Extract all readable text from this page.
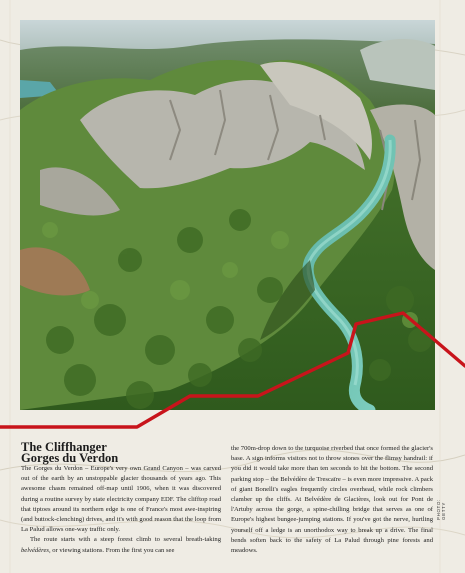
The Cliffhanger
Gorges du Verdon

The Gorges du Verdon – Europe's very own Grand Canyon – was carved out of the earth by an unstoppable glacier thousands of years ago. This awesome chasm remained off-map until 1906, when it was discovered during a routine survey by state electricity company EDF. The clifftop road that tiptoes around its northern edge is one of France's most awe-inspiring (and buttock-clenching) drives, and it's with good reason that the loop from La Palud allows one-way traffic only.

The route starts with a steep forest climb to several breath-taking belvédères, or viewing stations. From the first you can see

the 700m-drop down to the turquoise riverbed that once formed the glacier's base. A sign informs visitors not to throw stones over the flimsy handrail: if you did it would take more than ten seconds to hit the bottom. The second parking stop – the Belvédère de Trescaïre – is even more impressive. A pack of giant Bonelli's eagles frequently circles overhead, while rock climbers clamber up the cliffs. At Belvédère de Glacières, look out for Pont de l'Artuby across the gorge, a spine-chilling bridge that serves as one of Europe's highest bungee-jumping stations. If you've got the nerve, hurtling yourself off a ledge is an unorthodox way to break up a drive. The final bends soften back to the safety of La Palud through pine forests and meadows.

PHOTO: GETTY
